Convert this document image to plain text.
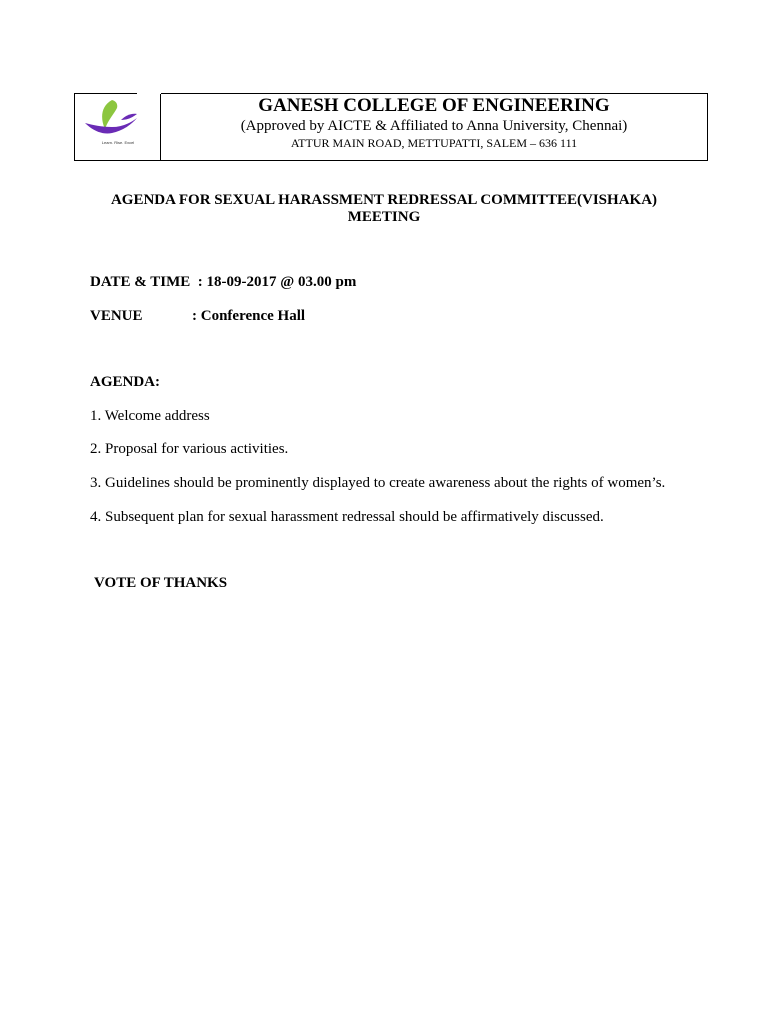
Learn. Rise. Excel
GANESH COLLEGE OF ENGINEERING
(Approved by AICTE & Affiliated to Anna University, Chennai)
ATTUR MAIN ROAD, METTUPATTI, SALEM – 636 111
AGENDA FOR SEXUAL HARASSMENT REDRESSAL COMMITTEE(VISHAKA)
MEETING
DATE & TIME : 18-09-2017 @ 03.00 pm
VENUE	: Conference Hall
AGENDA:
1. Welcome address
2. Proposal for various activities.
3. Guidelines should be prominently displayed to create awareness about the rights of women’s.
4. Subsequent plan for sexual harassment redressal should be affirmatively discussed.
VOTE OF THANKS
